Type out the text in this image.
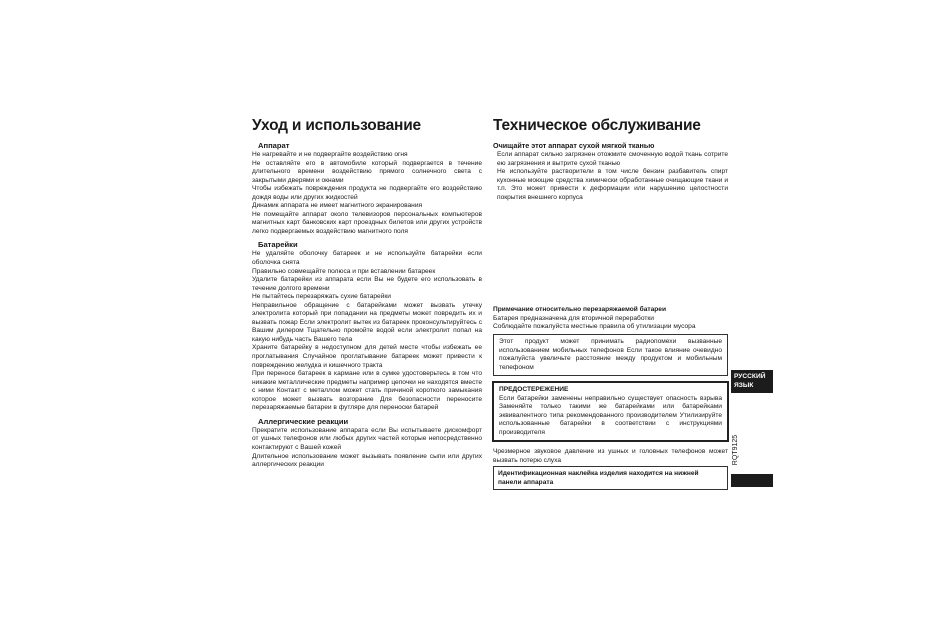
Уход и использование
Аппарат

Не нагревайте и не подвергайте воздействию огня

Не оставляйте его в автомобиле который подвергается в течение длительного времени воздействию прямого солнечного света с закрытыми дверями и окнами

Чтобы избежать повреждения продукта не подвергайте его воздействию дождя воды или других жидкостей

Динамик аппарата не имеет магнитного экранирования

Не помещайте аппарат около телевизоров персональных компьютеров магнитных карт банковских карт проездных билетов или других устройств легко подвергаемых воздействию магнитного поля

Батарейки

Не удаляйте оболочку батареек и не используйте батарейки если оболочка снята

Правильно совмещайте полюса и при вставлении батареек

Удалите батарейки из аппарата если Вы не будете его использовать в течение долгого времени

Не пытайтесь перезаряжать сухие батарейки

Неправильное обращение с батарейками может вызвать утечку электролита который при попадании на предметы может повредить их и вызвать пожар Если электролит вытек из батареек проконсультируйтесь с Вашим дилером Тщательно промойте водой если электролит попал на какую нибудь часть Вашего тела

Храните батарейку в недоступном для детей месте чтобы избежать ее проглатывания Случайное проглатывание батареек может привести к повреждению желудка и кишечного тракта

При переносе батареек в кармане или в сумке удостоверьтесь в том что никакие металлические предметы например цепочки не находятся вместе с ними Контакт с металлом может стать причиной короткого замыкания которое может вызвать возгорание Для безопасности переносите перезаряжаемые батареи в футляре для переноски батарей

Аллергические реакции

Прекратите использование аппарата если Вы испытываете дискомфорт от ушных телефонов или любых других частей которые непосредственно контактируют с Вашей кожей

Длительное использование может вызывать появление сыпи или других аллергических реакции

Техническое обслуживание
Очищайте этот аппарат сухой мягкой тканью

Если аппарат сильно загрязнен отожмите смоченную водой ткань сотрите ею загрязнения и вытрите сухой тканью

Не используйте растворители в том числе бензин разбавитель спирт кухонные моющие средства химически обработанные очищающие ткани и т.п. Это может привести к деформации или нарушению целостности покрытия внешнего корпуса

Примечание относительно перезаряжаемой батареи

Батарея предназначена для вторичной переработки

Соблюдайте пожалуйста местные правила об утилизации мусора

Этот продукт может принимать радиопомехи вызванные использованием мобильных телефонов Если такое влияние очевидно пожалуйста увеличьте расстояние между продуктом и мобильным телефоном

ПРЕДОСТЕРЕЖЕНИЕ

Если батарейки заменены неправильно существует опасность взрыва Заменяйте только такими же батарейками или батарейками эквивалентного типа рекомендованного производителем Утилизируйте использованные батарейки в соответствии с инструкциями производителя

Чрезмерное звуковое давление из ушных и головных телефонов может вызвать потерю слуха

Идентификационная наклейка изделия находится на нижней панели аппарата

РУССКИЙ
ЯЗЫК
RQT9125
